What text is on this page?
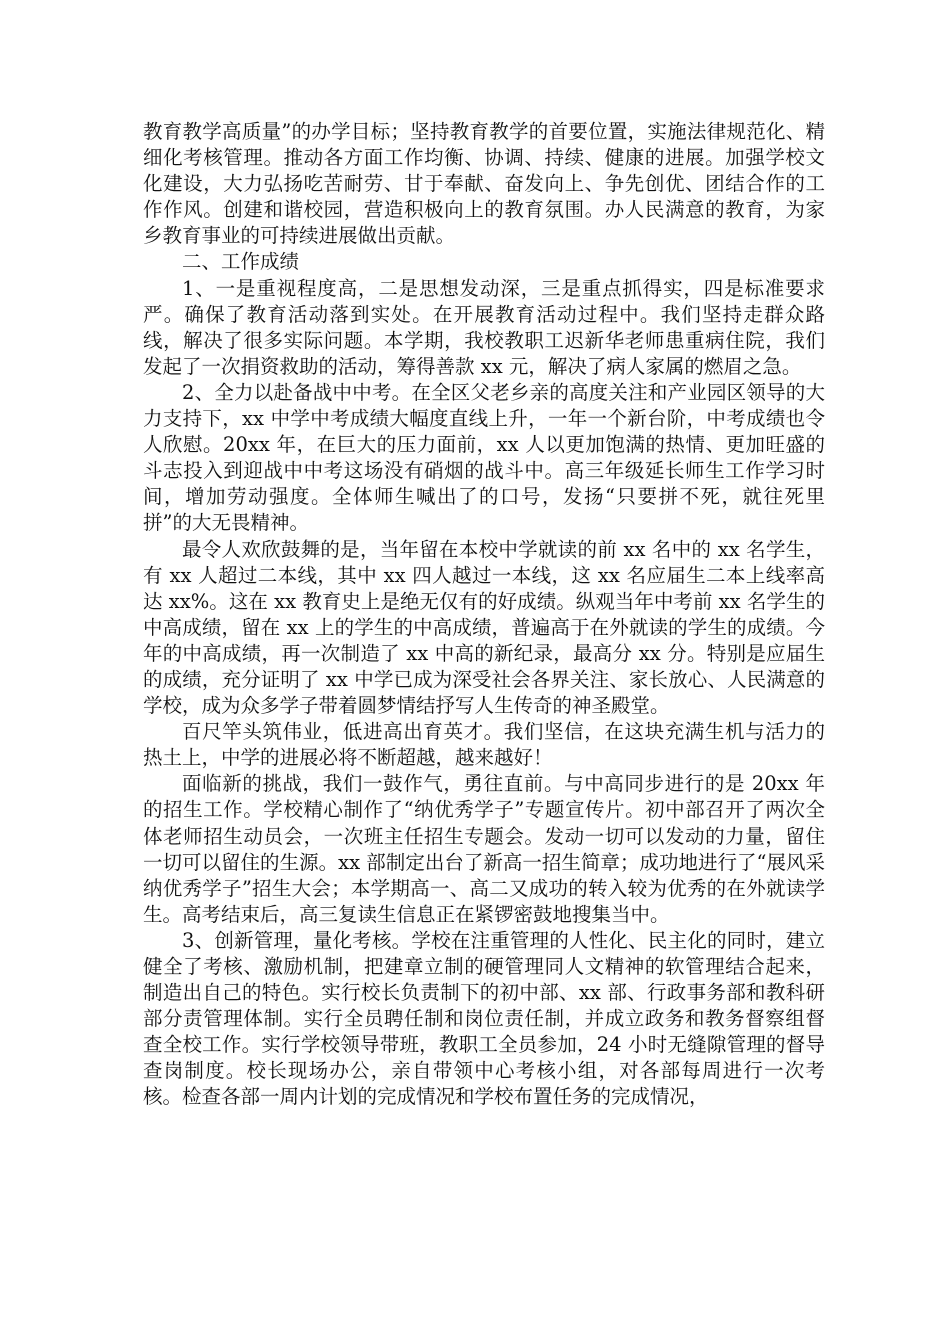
教育教学高质量”的办学目标；坚持教育教学的首要位置，实施法律规范化、精细化考核管理。推动各方面工作均衡、协调、持续、健康的进展。加强学校文化建设，大力弘扬吃苦耐劳、甘于奉献、奋发向上、争先创优、团结合作的工作作风。创建和谐校园，营造积极向上的教育氛围。办人民满意的教育，为家乡教育事业的可持续进展做出贡献。

二、工作成绩

1、一是重视程度高，二是思想发动深，三是重点抓得实，四是标准要求严。确保了教育活动落到实处。在开展教育活动过程中。我们坚持走群众路线，解决了很多实际问题。本学期，我校教职工迟新华老师患重病住院，我们发起了一次捐资救助的活动，筹得善款 xx 元，解决了病人家属的燃眉之急。

2、全力以赴备战中中考。在全区父老乡亲的高度关注和产业园区领导的大力支持下，xx 中学中考成绩大幅度直线上升，一年一个新台阶，中考成绩也令人欣慰。20xx 年，在巨大的压力面前，xx 人以更加饱满的热情、更加旺盛的斗志投入到迎战中中考这场没有硝烟的战斗中。高三年级延长师生工作学习时间，增加劳动强度。全体师生喊出了的口号，发扬“只要拼不死，就往死里拼”的大无畏精神。

最令人欢欣鼓舞的是，当年留在本校中学就读的前 xx 名中的 xx 名学生，有 xx 人超过二本线，其中 xx 四人越过一本线，这 xx 名应届生二本上线率高达 xx%。这在 xx 教育史上是绝无仅有的好成绩。纵观当年中考前 xx 名学生的中高成绩，留在 xx 上的学生的中高成绩，普遍高于在外就读的学生的成绩。今年的中高成绩，再一次制造了 xx 中高的新纪录，最高分 xx 分。特别是应届生的成绩，充分证明了 xx 中学已成为深受社会各界关注、家长放心、人民满意的学校，成为众多学子带着圆梦情结抒写人生传奇的神圣殿堂。

百尺竿头筑伟业，低进高出育英才。我们坚信，在这块充满生机与活力的热土上，中学的进展必将不断超越，越来越好！

面临新的挑战，我们一鼓作气，勇往直前。与中高同步进行的是 20xx 年的招生工作。学校精心制作了“纳优秀学子”专题宣传片。初中部召开了两次全体老师招生动员会，一次班主任招生专题会。发动一切可以发动的力量，留住一切可以留住的生源。xx 部制定出台了新高一招生简章；成功地进行了“展风采纳优秀学子”招生大会；本学期高一、高二又成功的转入较为优秀的在外就读学生。高考结束后，高三复读生信息正在紧锣密鼓地搜集当中。

3、创新管理，量化考核。学校在注重管理的人性化、民主化的同时，建立健全了考核、激励机制，把建章立制的硬管理同人文精神的软管理结合起来，制造出自己的特色。实行校长负责制下的初中部、xx 部、行政事务部和教科研部分责管理体制。实行全员聘任制和岗位责任制，并成立政务和教务督察组督查全校工作。实行学校领导带班，教职工全员参加，24 小时无缝隙管理的督导查岗制度。校长现场办公，亲自带领中心考核小组，对各部每周进行一次考核。检查各部一周内计划的完成情况和学校布置任务的完成情况，
